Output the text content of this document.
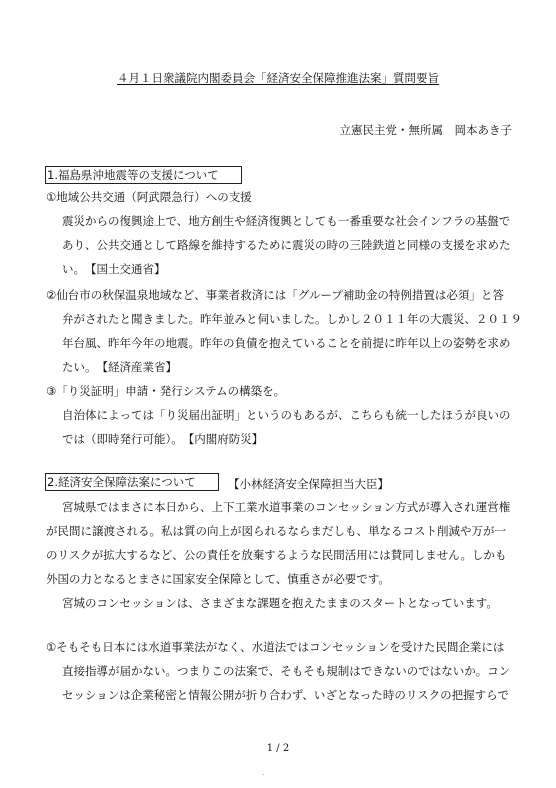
４月１日衆議院内閣委員会「経済安全保障推進法案」質問要旨
立憲民主党・無所属　岡本あき子
1.福島県沖地震等の支援について
①地域公共交通（阿武隈急行）への支援
震災からの復興途上で、地方創生や経済復興としても一番重要な社会インフラの基盤で
あり、公共交通として路線を維持するために震災の時の三陸鉄道と同様の支援を求めた
い。　【国土交通省】
②仙台市の秋保温泉地域など、事業者救済には「グループ補助金の特例措置は必須」と答
弁がされたと聞きました。昨年並みと伺いました。しかし２０１１年の大震災、２０１９
年台風、昨年今年の地震。昨年の負債を抱えていることを前提に昨年以上の姿勢を求め
たい。　【経済産業省】
③「り災証明」申請・発行システムの構築を。
自治体によっては「り災届出証明」というのもあるが、こちらも統一したほうが良いの
では（即時発行可能）。　【内閣府防災】
2.経済安全保障法案について	【小林経済安全保障担当大臣】
宮城県ではまさに本日から、上下工業水道事業のコンセッション方式が導入され運営権
が民間に譲渡される。私は質の向上が図られるならまだしも、単なるコスト削減や万が一
のリスクが拡大するなど、公の責任を放棄するような民間活用には賛同しません。しかも
外国の力となるとまさに国家安全保障として、慎重さが必要です。
宮城のコンセッションは、さまざまな課題を抱えたままのスタートとなっています。
①そもそも日本には水道事業法がなく、水道法ではコンセッションを受けた民間企業には
直接指導が届かない。つまりこの法案で、そもそも規制はできないのではないか。コン
セッションは企業秘密と情報公開が折り合わず、いざとなった時のリスクの把握すらで
1 / 2
.
